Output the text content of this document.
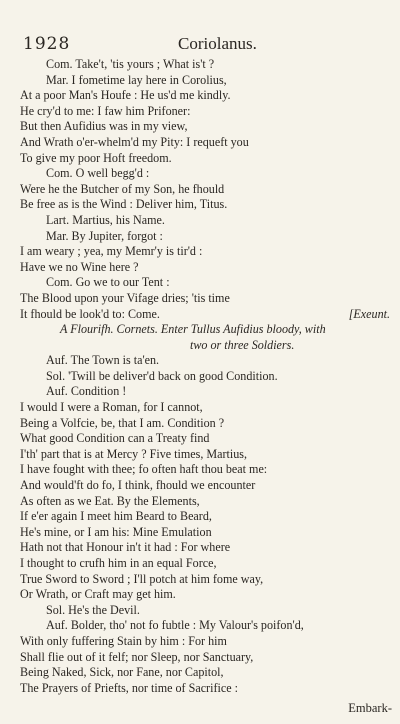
1928	Coriolanus.
Com. Take't, 'tis yours ; What is't ?
Mar. I fometime lay here in Corolius,
At a poor Man's Houfe : He us'd me kindly.
He cry'd to me: I faw him Prifoner:
But then Aufidius was in my view,
And Wrath o'er-whelm'd my Pity: I requeft you
To give my poor Hoft freedom.
Com. O well begg'd :
Were he the Butcher of my Son, he fhould
Be free as is the Wind : Deliver him, Titus.
Lart. Martius, his Name.
Mar. By Jupiter, forgot :
I am weary ; yea, my Memr'y is tir'd :
Have we no Wine here ?
Com. Go we to our Tent :
The Blood upon your Vifage dries; 'tis time
It fhould be look'd to: Come.	[Exeunt.
A Flourifh. Cornets. Enter Tullus Aufidius bloody, with
two or three Soldiers.
Auf. The Town is ta'en.
Sol. 'Twill be deliver'd back on good Condition.
Auf. Condition !
I would I were a Roman, for I cannot,
Being a Volfcie, be, that I am. Condition ?
What good Condition can a Treaty find
I'th' part that is at Mercy ? Five times, Martius,
I have fought with thee; fo often haft thou beat me:
And would'ft do fo, I think, fhould we encounter
As often as we Eat. By the Elements,
If e'er again I meet him Beard to Beard,
He's mine, or I am his: Mine Emulation
Hath not that Honour in't it had : For where
I thought to crufh him in an equal Force,
True Sword to Sword ; I'll potch at him fome way,
Or Wrath, or Craft may get him.
Sol. He's the Devil.
Auf. Bolder, tho' not fo fubtle : My Valour's poifon'd,
With only fuffering Stain by him : For him
Shall flie out of it felf; nor Sleep, nor Sanctuary,
Being Naked, Sick, nor Fane, nor Capitol,
The Prayers of Priefts, nor time of Sacrifice :
Embark-
